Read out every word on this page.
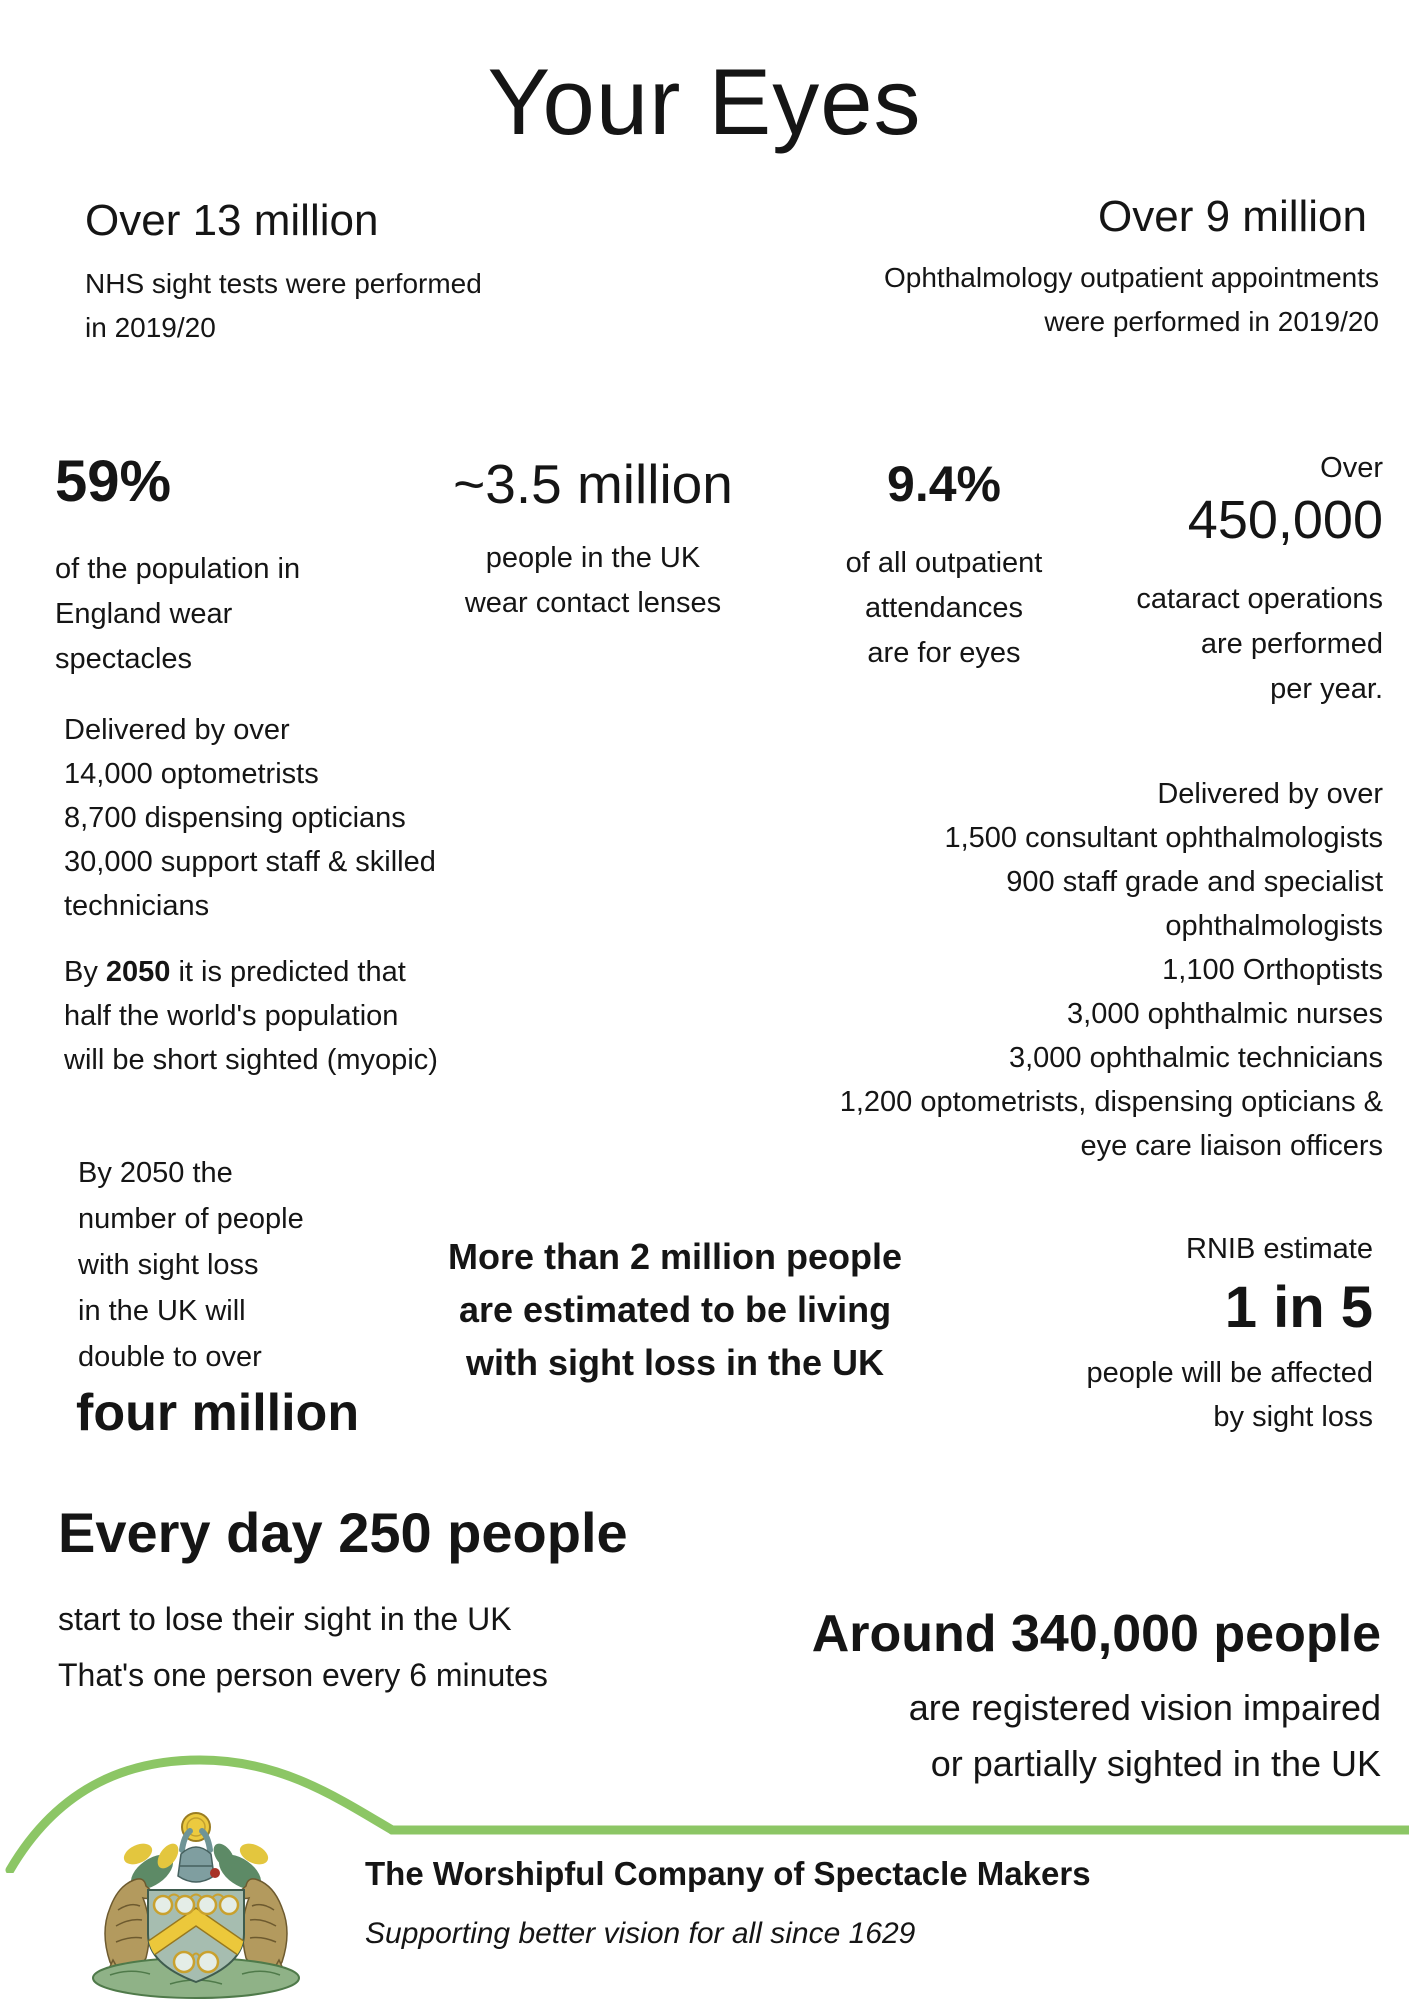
Your Eyes
Over 13 million
NHS sight tests were performed
in 2019/20
Over 9 million
Ophthalmology outpatient appointments
were performed in 2019/20
59%
of the population in
England wear
spectacles
~3.5 million
people in the UK
wear contact lenses
9.4%
of all outpatient
attendances
are for eyes
Over
450,000
cataract operations
are performed
per year.
Delivered by over
14,000 optometrists
8,700 dispensing opticians
30,000 support staff & skilled
technicians
By 2050 it is predicted that
half the world's population
will be short sighted (myopic)
Delivered by over
1,500 consultant ophthalmologists
900 staff grade and specialist
ophthalmologists
1,100 Orthoptists
3,000 ophthalmic nurses
3,000 ophthalmic technicians
1,200 optometrists, dispensing opticians &
eye care liaison officers
By 2050 the
number of people
with sight loss
in the UK will
double to over
four million
More than 2 million people
are estimated to be living
with sight loss in the UK
RNIB estimate
1 in 5
people will be affected
by sight loss
Every day 250 people
start to lose their sight in the UK
That's one person every 6 minutes
Around 340,000 people
are registered vision impaired
or partially sighted in the UK
The Worshipful Company of Spectacle Makers
Supporting better vision for all since 1629
